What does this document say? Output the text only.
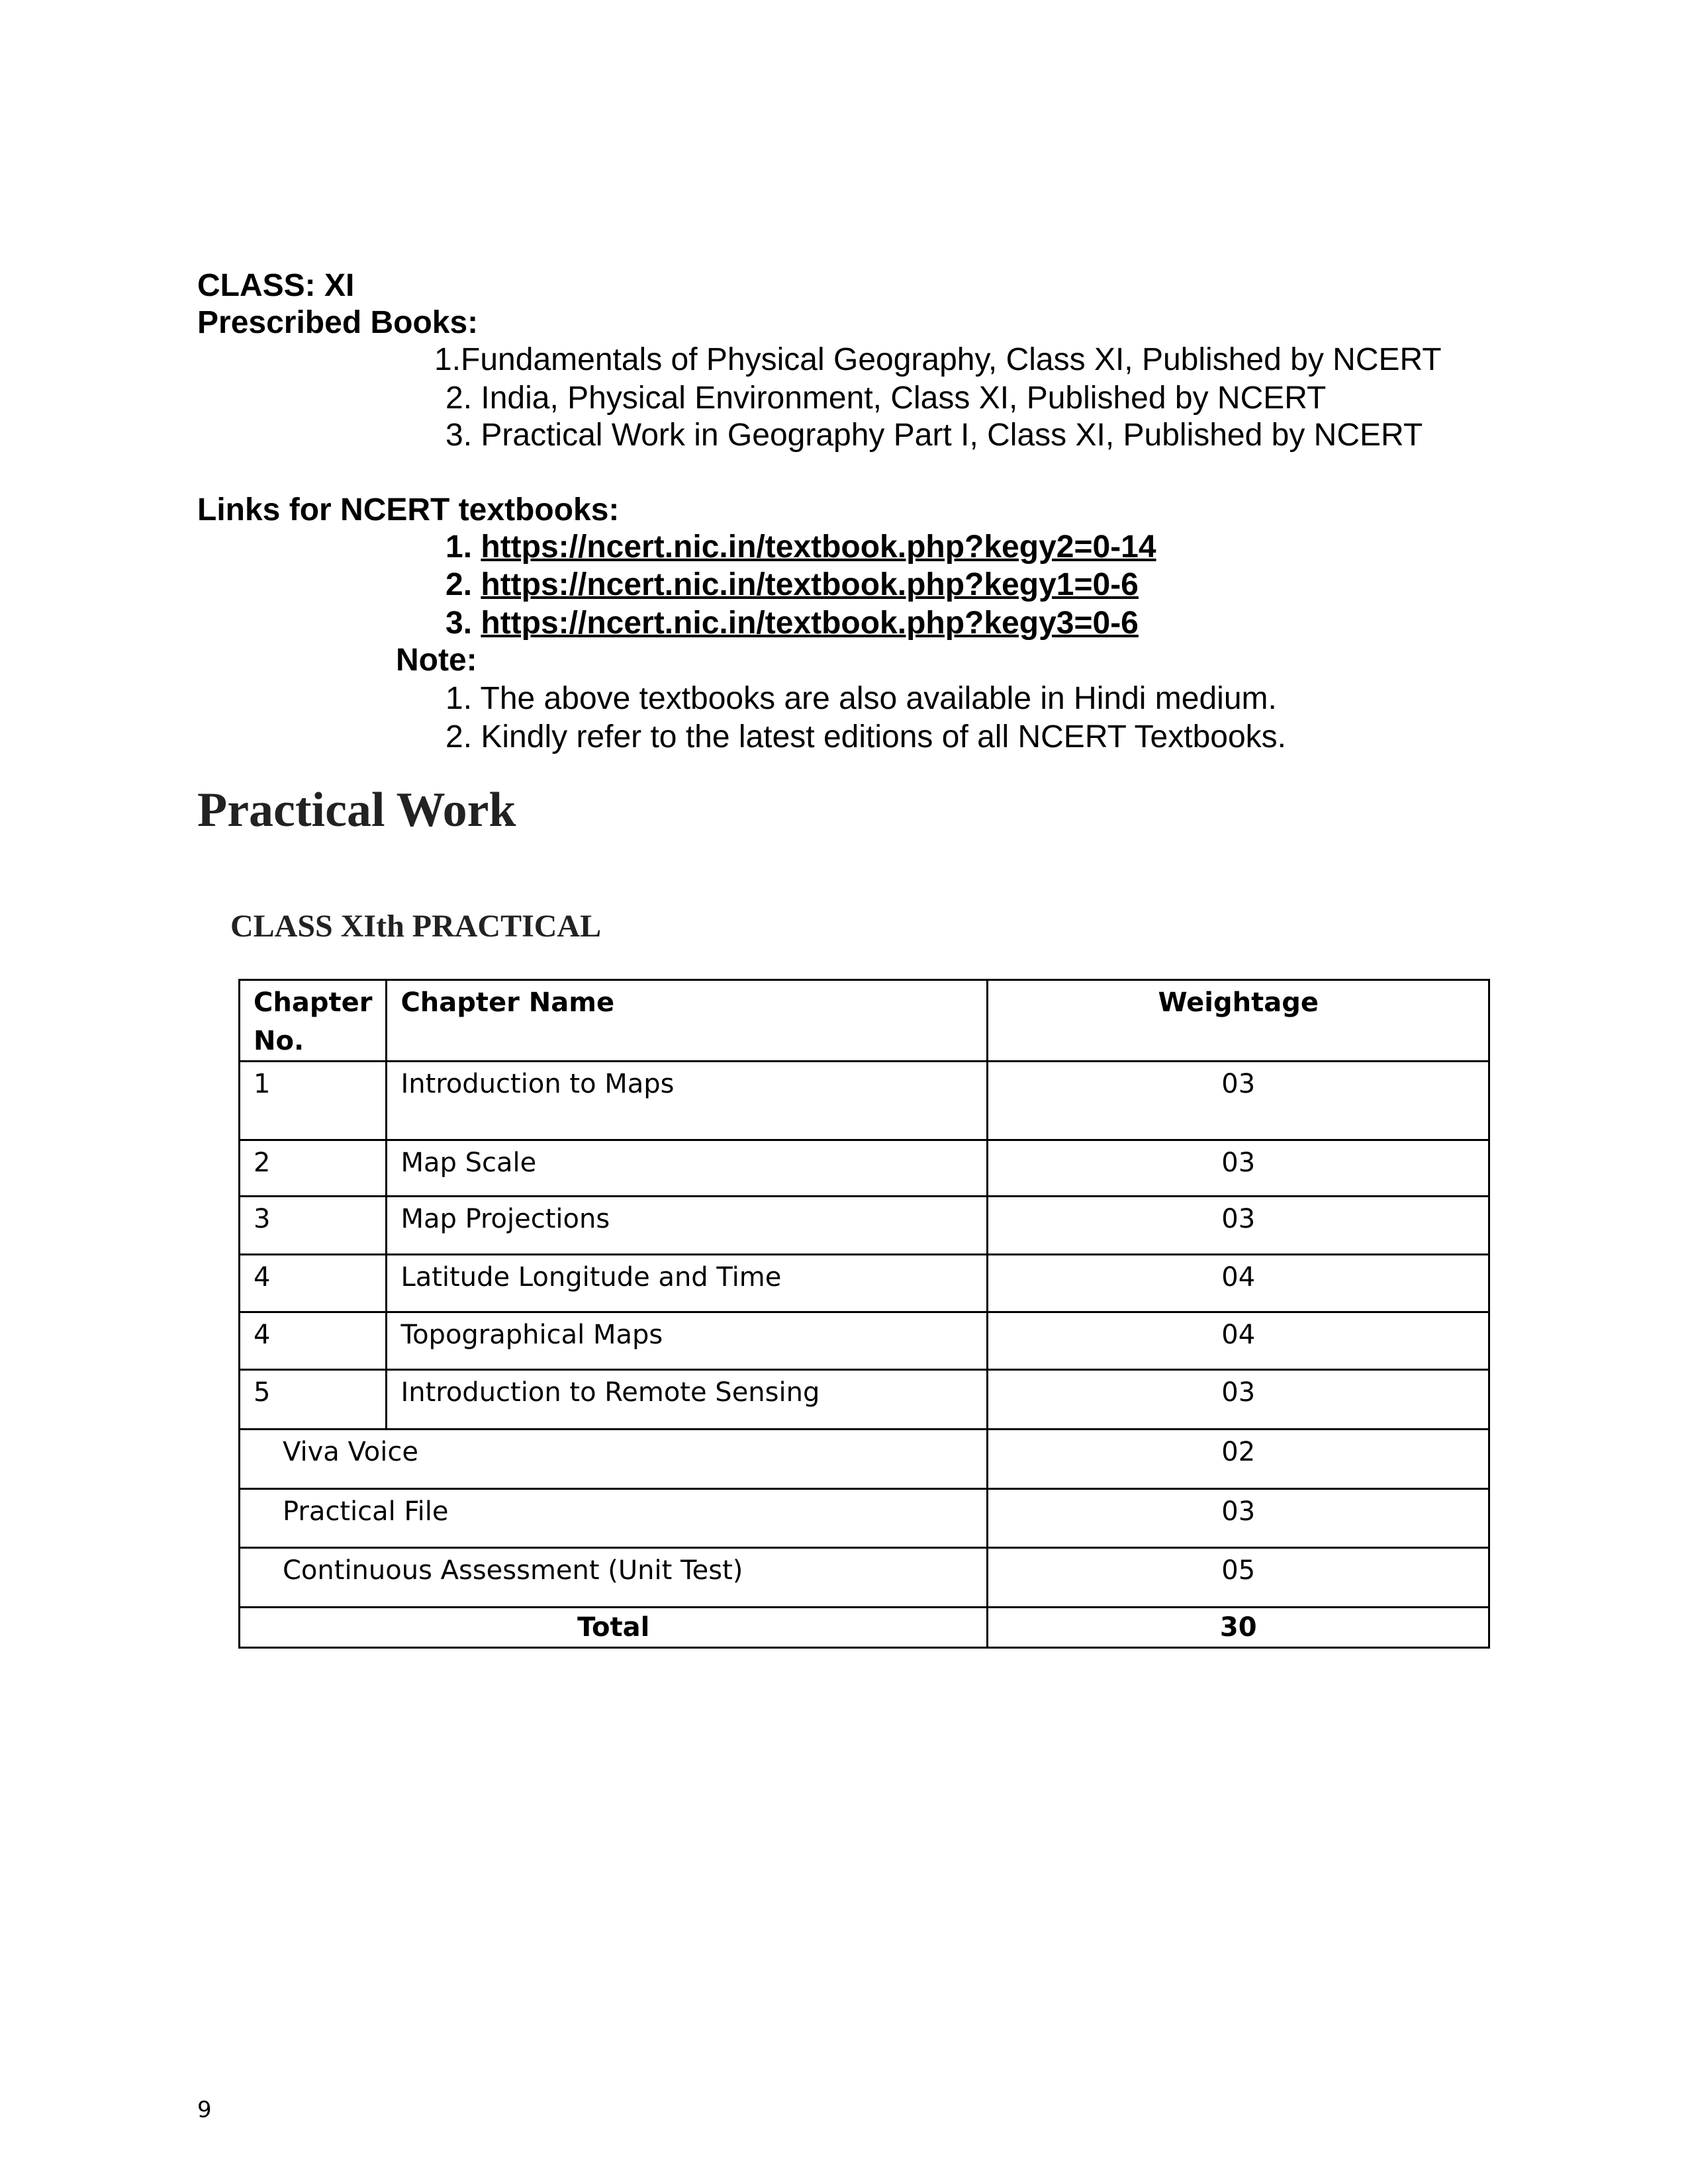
CLASS: XI
Prescribed Books:
1.Fundamentals of Physical Geography, Class XI, Published by NCERT
2. India, Physical Environment, Class XI, Published by NCERT
3. Practical Work in Geography Part I, Class XI, Published by NCERT
Links for NCERT textbooks:
1. https://ncert.nic.in/textbook.php?kegy2=0-14
2. https://ncert.nic.in/textbook.php?kegy1=0-6
3. https://ncert.nic.in/textbook.php?kegy3=0-6
Note:
1. The above textbooks are also available in Hindi medium.
2. Kindly refer to the latest editions of all NCERT Textbooks.
Practical Work
CLASS XIth PRACTICAL
Chapter No.	Chapter Name	Weightage
1	Introduction to Maps	03
2	Map Scale	03
3	Map Projections	03
4	Latitude Longitude and Time	04
4	Topographical Maps	04
5	Introduction to Remote Sensing	03
Viva Voice		02
Practical File		03
Continuous Assessment (Unit Test)		05
Total		30
9
